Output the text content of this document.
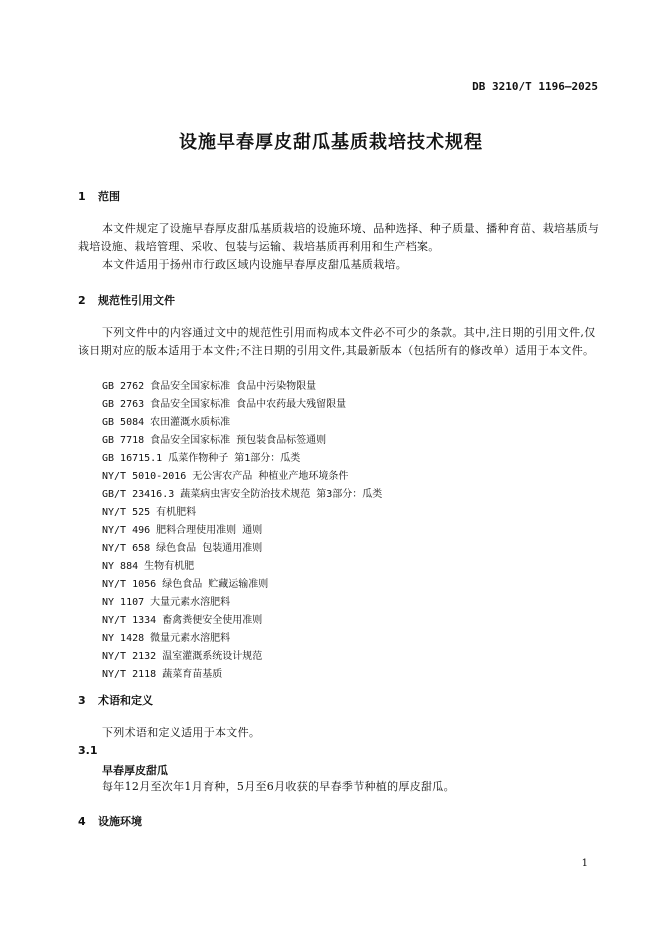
DB 3210/T 1196—2025
设施早春厚皮甜瓜基质栽培技术规程
1 范围
本文件规定了设施早春厚皮甜瓜基质栽培的设施环境、品种选择、种子质量、播种育苗、栽培基质与栽培设施、栽培管理、采收、包装与运输、栽培基质再利用和生产档案。
本文件适用于扬州市行政区域内设施早春厚皮甜瓜基质栽培。
2 规范性引用文件
下列文件中的内容通过文中的规范性引用而构成本文件必不可少的条款。其中,注日期的引用文件,仅该日期对应的版本适用于本文件;不注日期的引用文件,其最新版本（包括所有的修改单）适用于本文件。
GB 2762 食品安全国家标准 食品中污染物限量
GB 2763 食品安全国家标准 食品中农药最大残留限量
GB 5084 农田灌溉水质标准
GB 7718 食品安全国家标准 预包装食品标签通则
GB 16715.1 瓜菜作物种子 第1部分：瓜类
NY/T 5010-2016 无公害农产品 种植业产地环境条件
GB/T 23416.3 蔬菜病虫害安全防治技术规范 第3部分：瓜类
NY/T 525 有机肥料
NY/T 496 肥料合理使用准则 通则
NY/T 658 绿色食品 包装通用准则
NY 884 生物有机肥
NY/T 1056 绿色食品 贮藏运输准则
NY 1107 大量元素水溶肥料
NY/T 1334 畜禽粪便安全使用准则
NY 1428 微量元素水溶肥料
NY/T 2132 温室灌溉系统设计规范
NY/T 2118 蔬菜育苗基质
3 术语和定义
下列术语和定义适用于本文件。
3.1
早春厚皮甜瓜
每年12月至次年1月育种，5月至6月收获的早春季节种植的厚皮甜瓜。
4 设施环境
1
